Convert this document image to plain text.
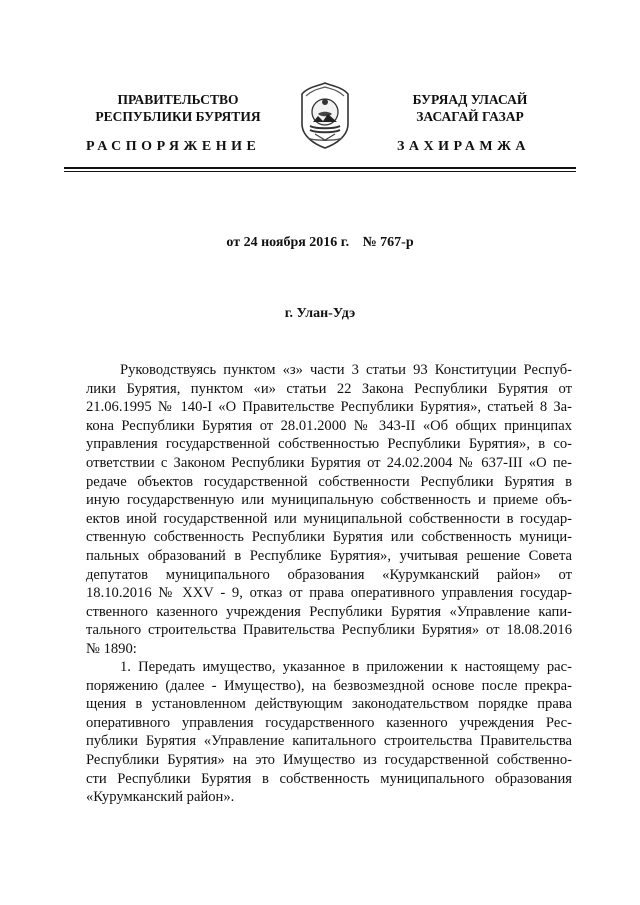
ПРАВИТЕЛЬСТВО
РЕСПУБЛИКИ БУРЯТИЯ
БУРЯАД УЛАСАЙ
ЗАСАГАЙ ГАЗАР
РАСПОРЯЖЕНИЕ	ЗАХИРАМЖА
от 24 ноября 2016 г. № 767-р
г. Улан-Удэ
Руководствуясь пунктом «з» части 3 статьи 93 Конституции Респуб-
лики Бурятия, пунктом «и» статьи 22 Закона Республики Бурятия от
21.06.1995 № 140-I «О Правительстве Республики Бурятия», статьей 8 За-
кона Республики Бурятия от 28.01.2000 № 343-II «Об общих принципах
управления государственной собственностью Республики Бурятия», в со-
ответствии с Законом Республики Бурятия от 24.02.2004 № 637-III «О пе-
редаче объектов государственной собственности Республики Бурятия в
иную государственную или муниципальную собственность и приеме объ-
ектов иной государственной или муниципальной собственности в государ-
ственную собственность Республики Бурятия или собственность муници-
пальных образований в Республике Бурятия», учитывая решение Совета
депутатов муниципального образования «Курумканский район» от
18.10.2016 № XXV - 9, отказ от права оперативного управления государ-
ственного казенного учреждения Республики Бурятия «Управление капи-
тального строительства Правительства Республики Бурятия» от 18.08.2016
№ 1890:
1. Передать имущество, указанное в приложении к настоящему рас-
поряжению (далее - Имущество), на безвозмездной основе после прекра-
щения в установленном действующим законодательством порядке права
оперативного управления государственного казенного учреждения Рес-
публики Бурятия «Управление капитального строительства Правительства
Республики Бурятия» на это Имущество из государственной собственно-
сти Республики Бурятия в собственность муниципального образования
«Курумканский район».
